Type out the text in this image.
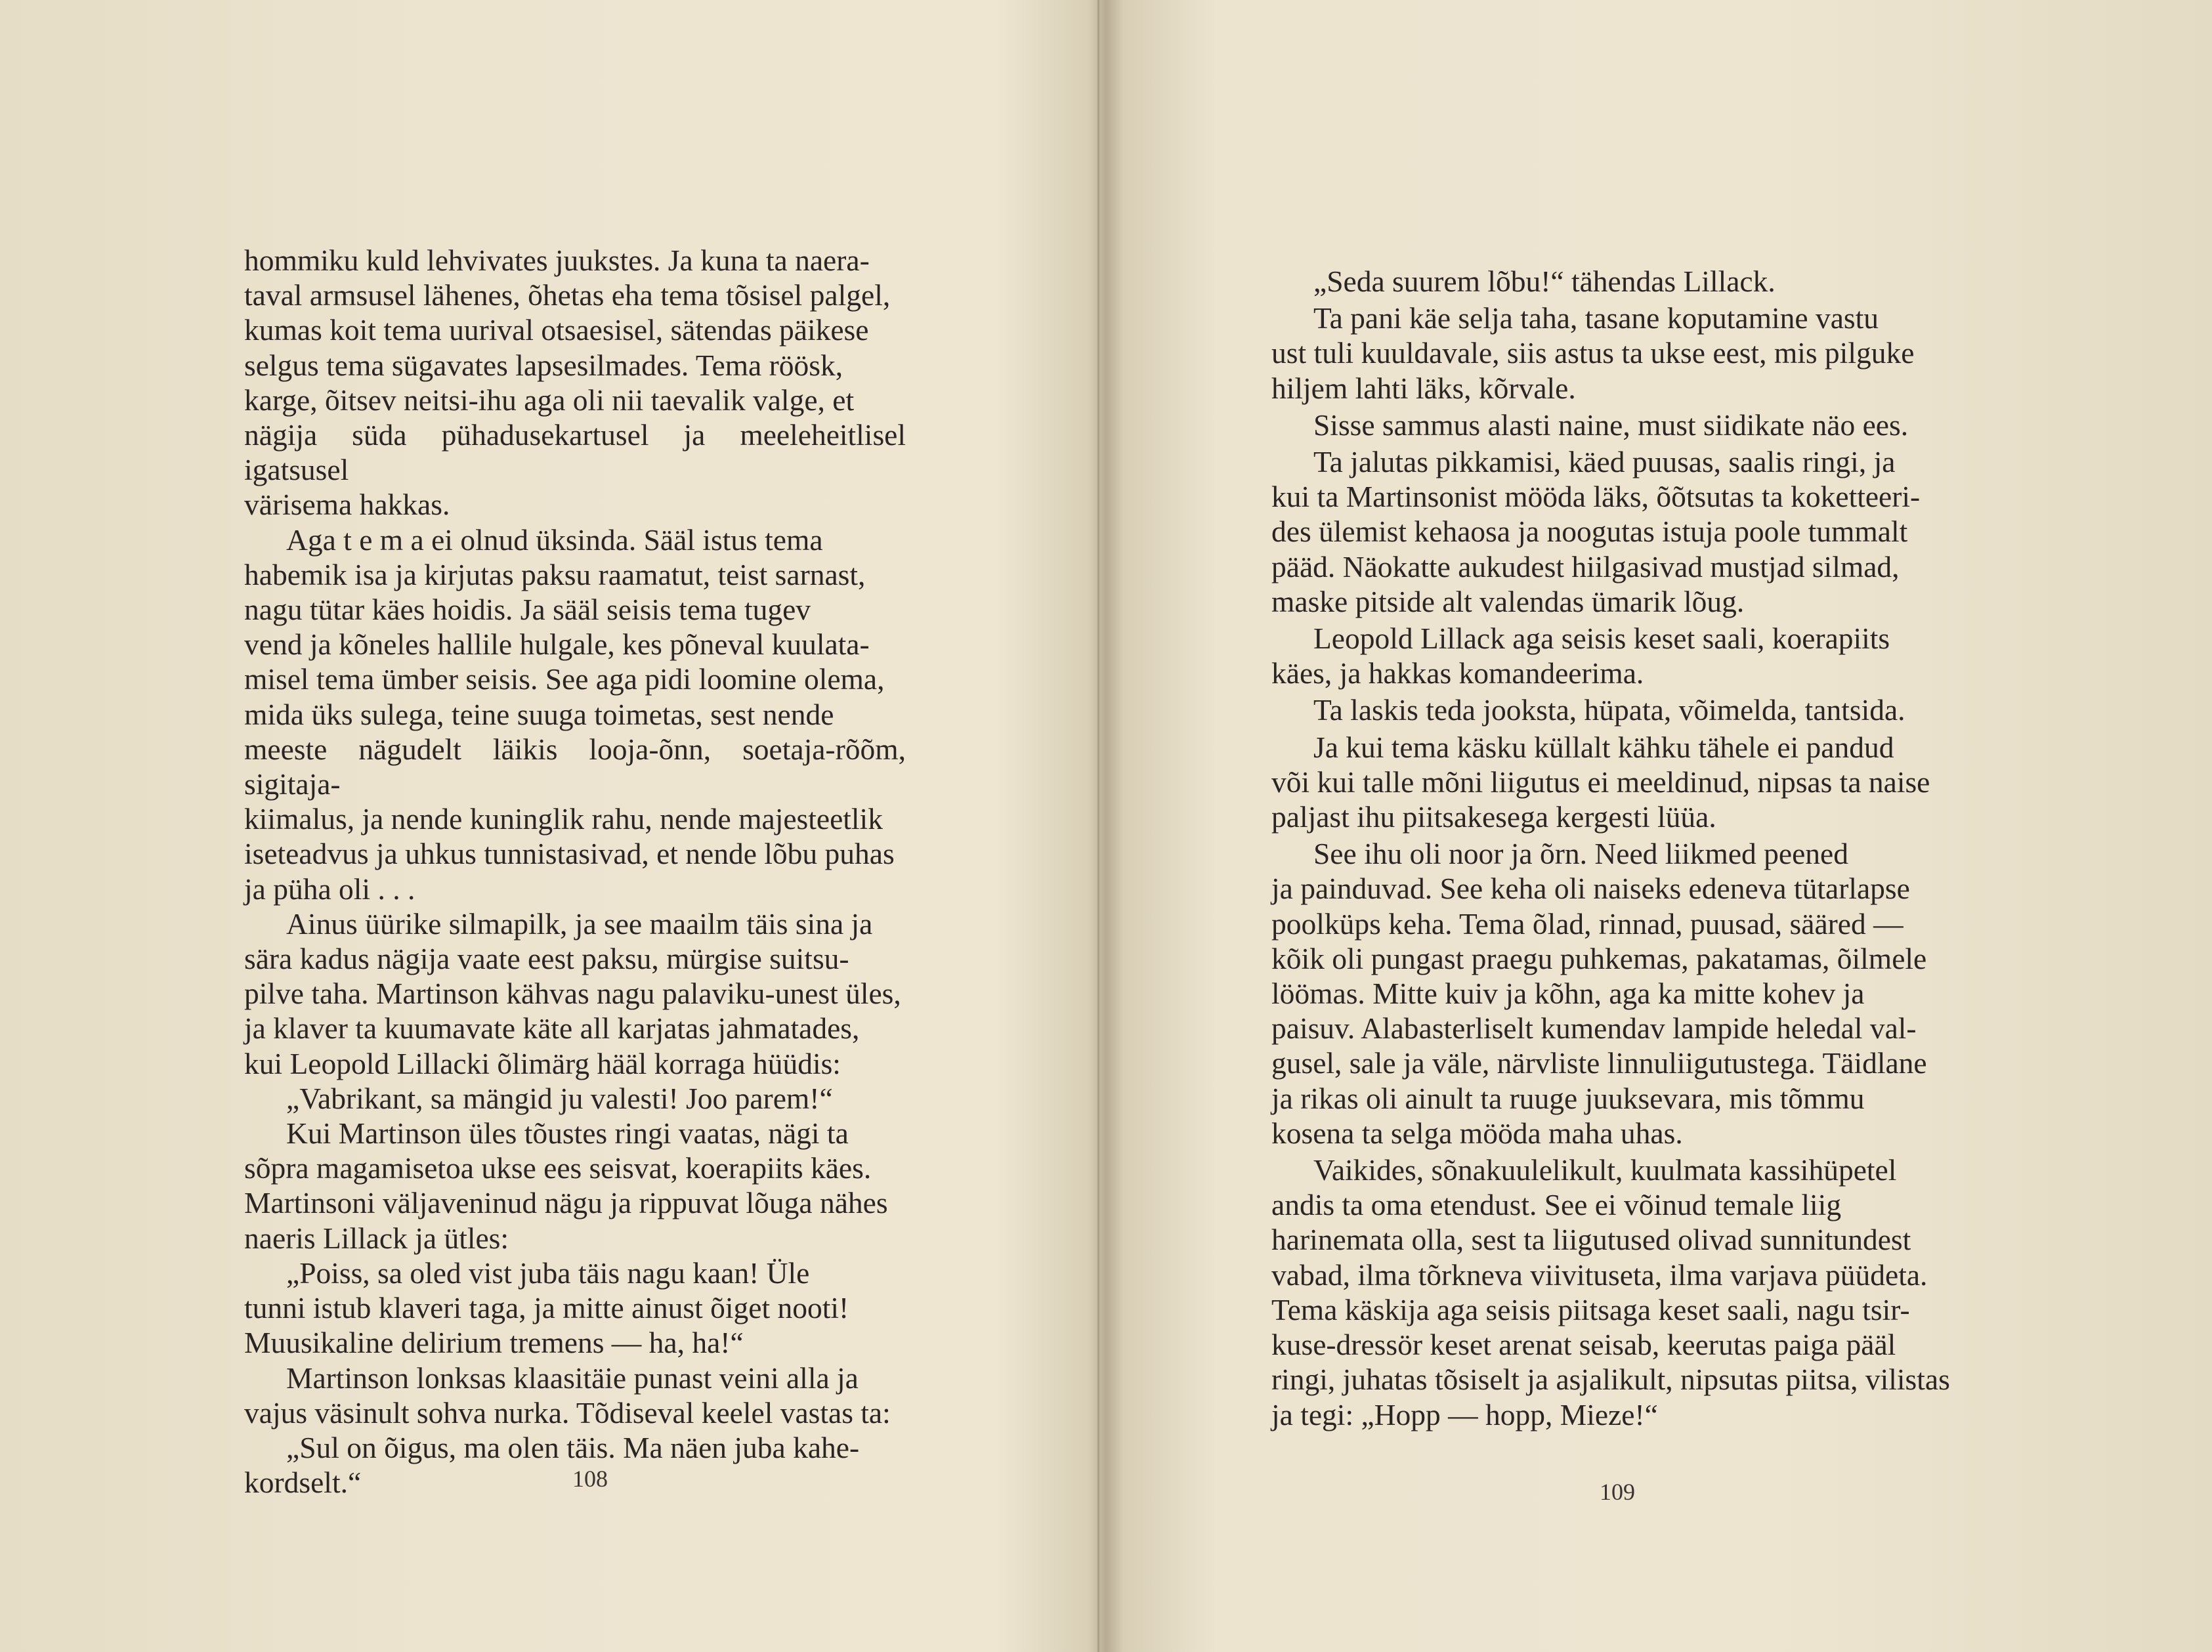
hommiku kuld lehvivates juukstes. Ja kuna ta naera-
taval armsusel lähenes, õhetas eha tema tõsisel palgel,
kumas koit tema uurival otsaesisel, sätendas päikese
selgus tema sügavates lapsesilmades. Tema röösk,
karge, õitsev neitsi-ihu aga oli nii taevalik valge, et
nägija süda pühadusekartusel ja meeleheitlisel igatsusel
värisema hakkas.

Aga t e m a ei olnud üksinda. Sääl istus tema
habemik isa ja kirjutas paksu raamatut, teist sarnast,
nagu tütar käes hoidis. Ja sääl seisis tema tugev
vend ja kõneles hallile hulgale, kes põneval kuulata-
misel tema ümber seisis. See aga pidi loomine olema,
mida üks sulega, teine suuga toimetas, sest nende
meeste nägudelt läikis looja-õnn, soetaja-rõõm, sigitaja-
kiimalus, ja nende kuninglik rahu, nende majesteetlik
iseteadvus ja uhkus tunnistasivad, et nende lõbu puhas
ja püha oli . . .

Ainus üürike silmapilk, ja see maailm täis sina ja
sära kadus nägija vaate eest paksu, mürgise suitsu-
pilve taha. Martinson kähvas nagu palaviku-unest üles,
ja klaver ta kuumavate käte all karjatas jahmatades,
kui Leopold Lillacki õlimärg hääl korraga hüüdis:

„Vabrikant, sa mängid ju valesti! Joo parem!“

Kui Martinson üles tõustes ringi vaatas, nägi ta
sõpra magamisetoa ukse ees seisvat, koerapiits käes.
Martinsoni väljaveninud nägu ja rippuvat lõuga nähes
naeris Lillack ja ütles:

„Poiss, sa oled vist juba täis nagu kaan! Üle
tunni istub klaveri taga, ja mitte ainust õiget nooti!
Muusikaline delirium tremens — ha, ha!“

Martinson lonksas klaasitäie punast veini alla ja
vajus väsinult sohva nurka. Tõdiseval keelel vastas ta:

„Sul on õigus, ma olen täis. Ma näen juba kahe-
kordselt.“	108

„Seda suurem lõbu!“ tähendas Lillack.

Ta pani käe selja taha, tasane koputamine vastu
ust tuli kuuldavale, siis astus ta ukse eest, mis pilguke
hiljem lahti läks, kõrvale.

Sisse sammus alasti naine, must siidikate näo ees.

Ta jalutas pikkamisi, käed puusas, saalis ringi, ja
kui ta Martinsonist mööda läks, õõtsutas ta koketteeri-
des ülemist kehaosa ja noogutas istuja poole tummalt
pääd. Näokatte aukudest hiilgasivad mustjad silmad,
maske pitside alt valendas ümarik lõug.

Leopold Lillack aga seisis keset saali, koerapiits
käes, ja hakkas komandeerima.

Ta laskis teda jooksta, hüpata, võimelda, tantsida.

Ja kui tema käsku küllalt kähku tähele ei pandud
või kui talle mõni liigutus ei meeldinud, nipsas ta naise
paljast ihu piitsakesega kergesti lüüa.

See ihu oli noor ja õrn. Need liikmed peened
ja painduvad. See keha oli naiseks edeneva tütarlapse
poolküps keha. Tema õlad, rinnad, puusad, sääred —
kõik oli pungast praegu puhkemas, pakatamas, õilmele
löömas. Mitte kuiv ja kõhn, aga ka mitte kohev ja
paisuv. Alabasterliselt kumendav lampide heledal val-
gusel, sale ja väle, närvliste linnuliigutustega. Täidlane
ja rikas oli ainult ta ruuge juuksevara, mis tõmmu
kosena ta selga mööda maha uhas.

Vaikides, sõnakuulelikult, kuulmata kassihüpetel
andis ta oma etendust. See ei võinud temale liig
harinemata olla, sest ta liigutused olivad sunnitundest
vabad, ilma tõrkneva viivituseta, ilma varjava püüdeta.
Tema käskija aga seisis piitsaga keset saali, nagu tsir-
kuse-dressör keset arenat seisab, keerutas paiga pääl
ringi, juhatas tõsiselt ja asjalikult, nipsutas piitsa, vilistas
ja tegi: „Hopp — hopp, Mieze!“

109
